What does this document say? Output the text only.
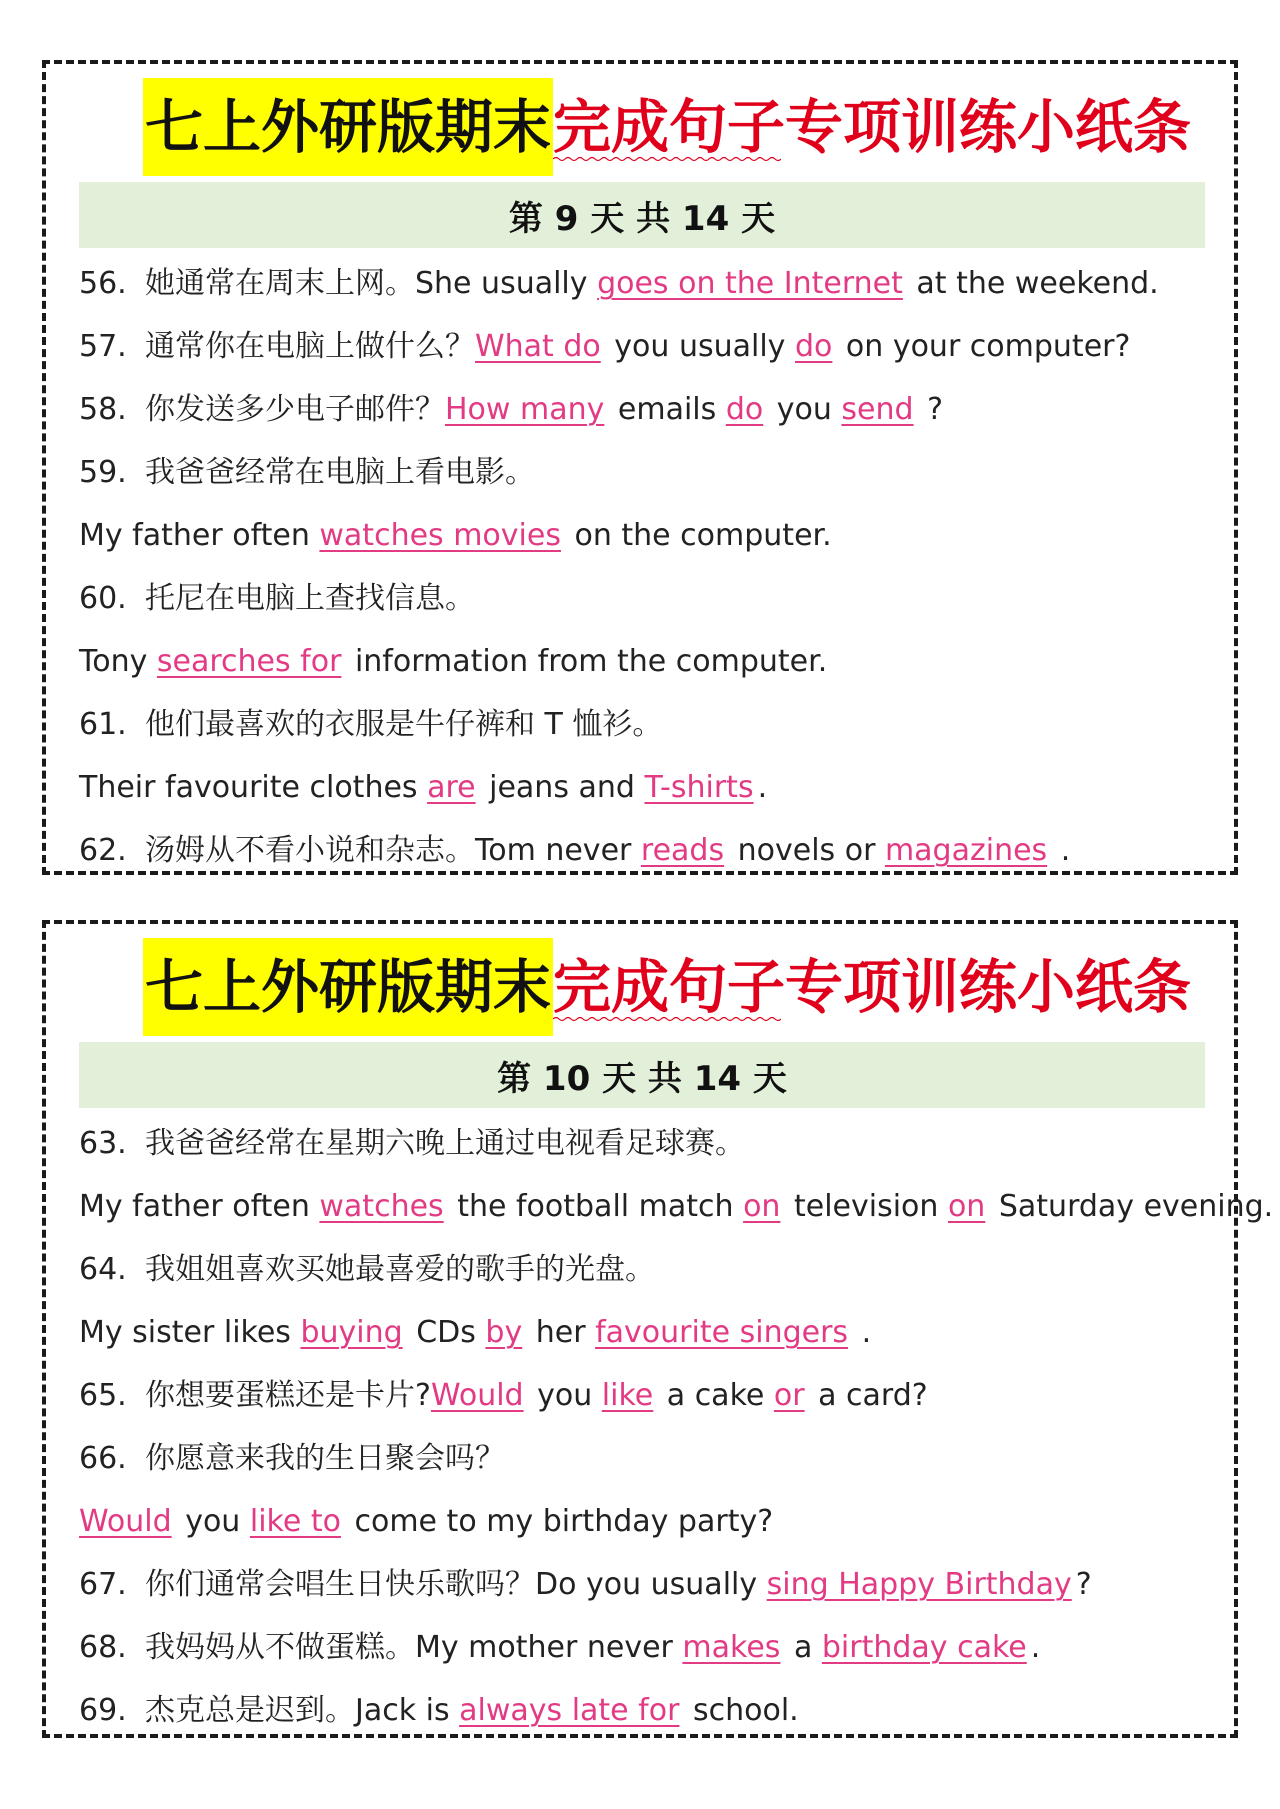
七上外研版期末 完成句子专项训练小纸条
第 9 天 共 14 天
56. 她通常在周末上网。She usually goes on the Internet at the weekend.
57. 通常你在电脑上做什么？What do you usually do on your computer?
58. 你发送多少电子邮件？How many emails do you send ?
59. 我爸爸经常在电脑上看电影。
My father often watches movies on the computer.
60. 托尼在电脑上查找信息。
Tony searches for information from the computer.
61. 他们最喜欢的衣服是牛仔裤和 T 恤衫。
Their favourite clothes are jeans and T-shirts .
62. 汤姆从不看小说和杂志。Tom never reads novels or magazines .
七上外研版期末 完成句子专项训练小纸条
第 10 天 共 14 天
63. 我爸爸经常在星期六晚上通过电视看足球赛。
My father often watches the football match on television on Saturday evening.
64. 我姐姐喜欢买她最喜爱的歌手的光盘。
My sister likes buying CDs by her favourite singers .
65. 你想要蛋糕还是卡片?Would you like a cake or a card?
66. 你愿意来我的生日聚会吗？
Would you like to come to my birthday party?
67. 你们通常会唱生日快乐歌吗？Do you usually sing Happy Birthday ?
68. 我妈妈从不做蛋糕。My mother never makes a birthday cake .
69. 杰克总是迟到。Jack is always late for school.
